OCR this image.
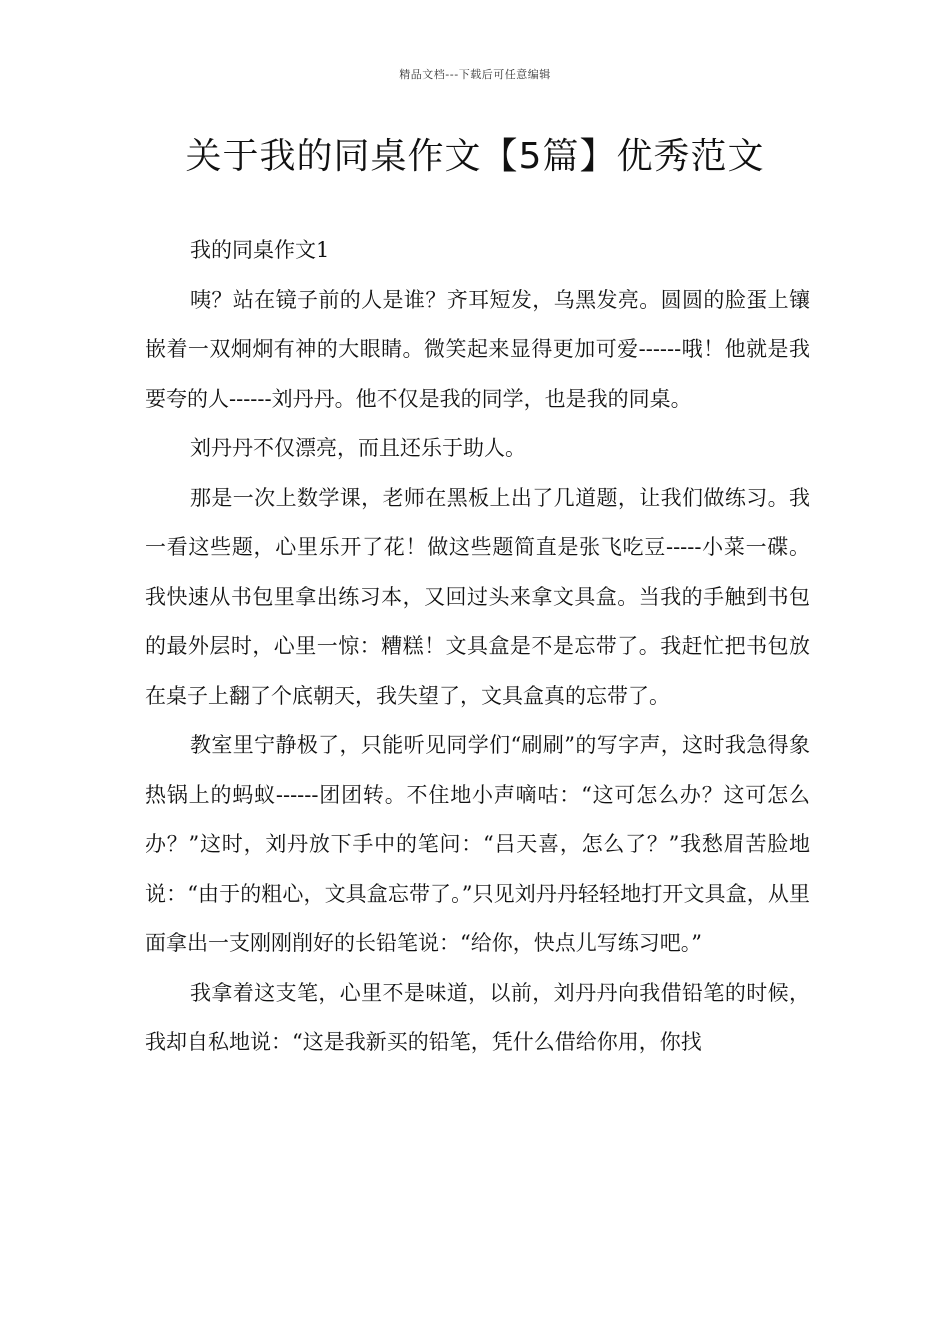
精品文档---下载后可任意编辑
关于我的同桌作文【5篇】优秀范文

我的同桌作文1

咦？站在镜子前的人是谁？齐耳短发，乌黑发亮。圆圆的脸蛋上镶嵌着一双炯炯有神的大眼睛。微笑起来显得更加可爱------哦！他就是我要夸的人------刘丹丹。他不仅是我的同学，也是我的同桌。

刘丹丹不仅漂亮，而且还乐于助人。

那是一次上数学课，老师在黑板上出了几道题，让我们做练习。我一看这些题，心里乐开了花！做这些题简直是张飞吃豆-----小菜一碟。我快速从书包里拿出练习本，又回过头来拿文具盒。当我的手触到书包的最外层时，心里一惊：糟糕！文具盒是不是忘带了。我赶忙把书包放在桌子上翻了个底朝天，我失望了，文具盒真的忘带了。

教室里宁静极了，只能听见同学们“刷刷”的写字声，这时我急得象热锅上的蚂蚁------团团转。不住地小声嘀咕：“这可怎么办？这可怎么办？”这时，刘丹放下手中的笔问：“吕天喜，怎么了？”我愁眉苦脸地说：“由于的粗心，文具盒忘带了。”只见刘丹丹轻轻地打开文具盒，从里面拿出一支刚刚削好的长铅笔说：“给你，快点儿写练习吧。”

我拿着这支笔，心里不是味道，以前，刘丹丹向我借铅笔的时候，我却自私地说：“这是我新买的铅笔，凭什么借给你用，你找
